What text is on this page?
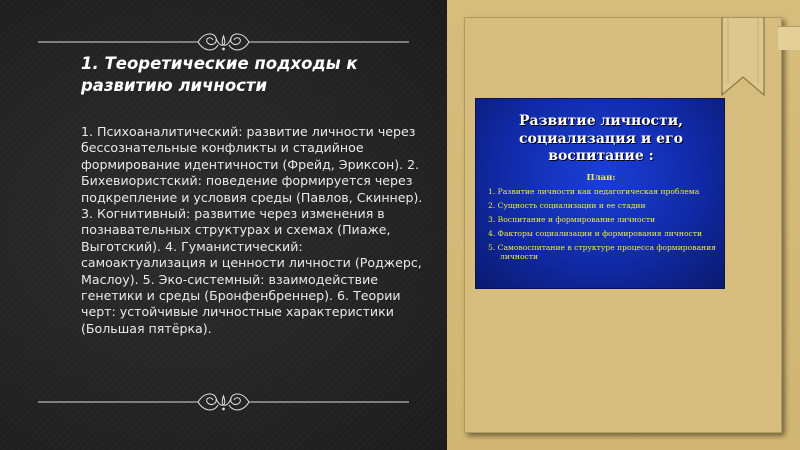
1. Теоретические подходы к развитию личности
1. Психоаналитический: развитие личности через бессознательные конфликты и стадийное формирование идентичности (Фрейд, Эриксон). 2. Бихевиористский: поведение формируется через подкрепление и условия среды (Павлов, Скиннер). 3. Когнитивный: развитие через изменения в познавательных структурах и схемах (Пиаже, Выготский). 4. Гуманистический: самоактуализация и ценности личности (Роджерс, Маслоу). 5. Эко-системный: взаимодействие генетики и среды (Бронфенбреннер). 6. Теории черт: устойчивые личностные характеристики (Большая пятёрка).
Развитие личности, социализация и его воспитание :
План:
1. Развитие личности как педагогическая проблема
2. Сущность социализации и ее стадии
3. Воспитание и формирование личности
4. Факторы социализации и формирования личности
5. Самовоспитание в структуре процесса формирования личности
